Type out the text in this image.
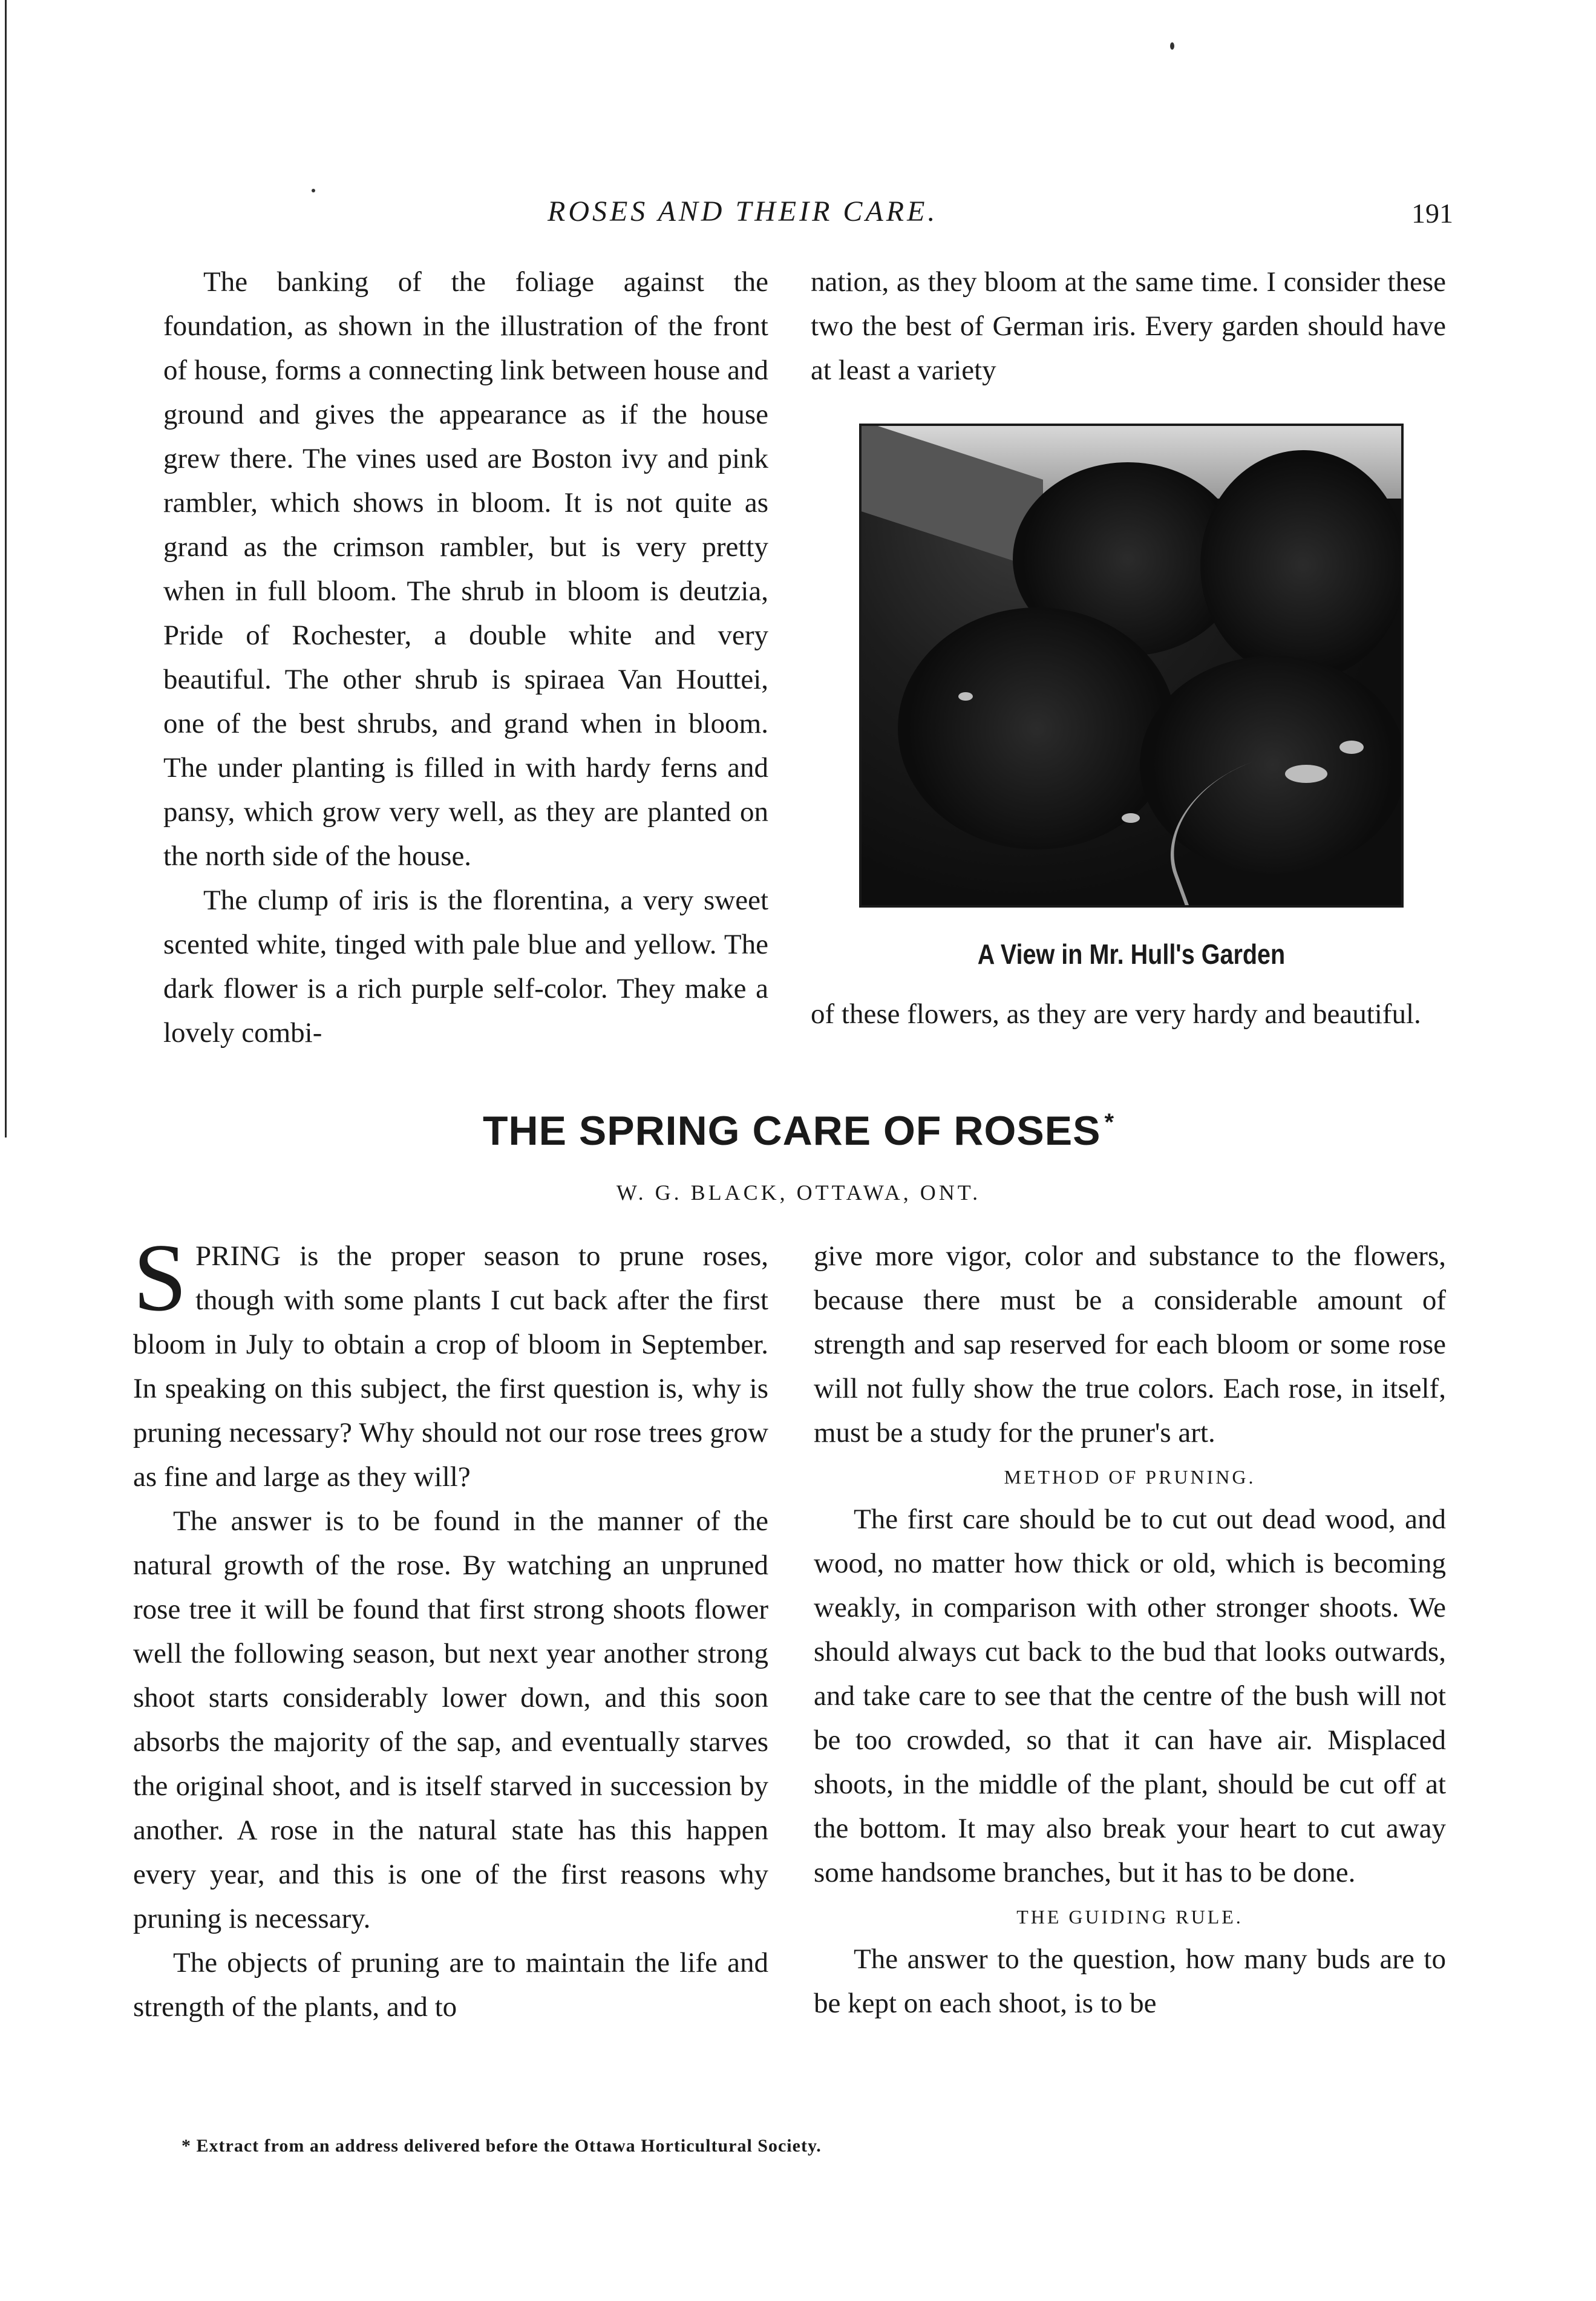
ROSES AND THEIR CARE.	191

The banking of the foliage against the foundation, as shown in the illustration of the front of house, forms a connecting link between house and ground and gives the appearance as if the house grew there. The vines used are Boston ivy and pink rambler, which shows in bloom. It is not quite as grand as the crimson rambler, but is very pretty when in full bloom. The shrub in bloom is deutzia, Pride of Rochester, a double white and very beautiful. The other shrub is spiraea Van Houttei, one of the best shrubs, and grand when in bloom. The under planting is filled in with hardy ferns and pansy, which grow very well, as they are planted on the north side of the house.

The clump of iris is the florentina, a very sweet scented white, tinged with pale blue and yellow. The dark flower is a rich purple self-color. They make a lovely combi-

nation, as they bloom at the same time. I consider these two the best of German iris. Every garden should have at least a variety

A View in Mr. Hull's Garden

of these flowers, as they are very hardy and beautiful.

THE SPRING CARE OF ROSES *
W. G. BLACK, OTTAWA, ONT.

SPRING is the proper season to prune roses, though with some plants I cut back after the first bloom in July to obtain a crop of bloom in September. In speaking on this subject, the first question is, why is pruning necessary? Why should not our rose trees grow as fine and large as they will?

The answer is to be found in the manner of the natural growth of the rose. By watching an unpruned rose tree it will be found that first strong shoots flower well the following season, but next year another strong shoot starts considerably lower down, and this soon absorbs the majority of the sap, and eventually starves the original shoot, and is itself starved in succession by another. A rose in the natural state has this happen every year, and this is one of the first reasons why pruning is necessary.

The objects of pruning are to maintain the life and strength of the plants, and to

give more vigor, color and substance to the flowers, because there must be a considerable amount of strength and sap reserved for each bloom or some rose will not fully show the true colors. Each rose, in itself, must be a study for the pruner's art.

METHOD OF PRUNING.

The first care should be to cut out dead wood, and wood, no matter how thick or old, which is becoming weakly, in comparison with other stronger shoots. We should always cut back to the bud that looks outwards, and take care to see that the centre of the bush will not be too crowded, so that it can have air. Misplaced shoots, in the middle of the plant, should be cut off at the bottom. It may also break your heart to cut away some handsome branches, but it has to be done.

THE GUIDING RULE.

The answer to the question, how many buds are to be kept on each shoot, is to be

* Extract from an address delivered before the Ottawa Horticultural Society.
